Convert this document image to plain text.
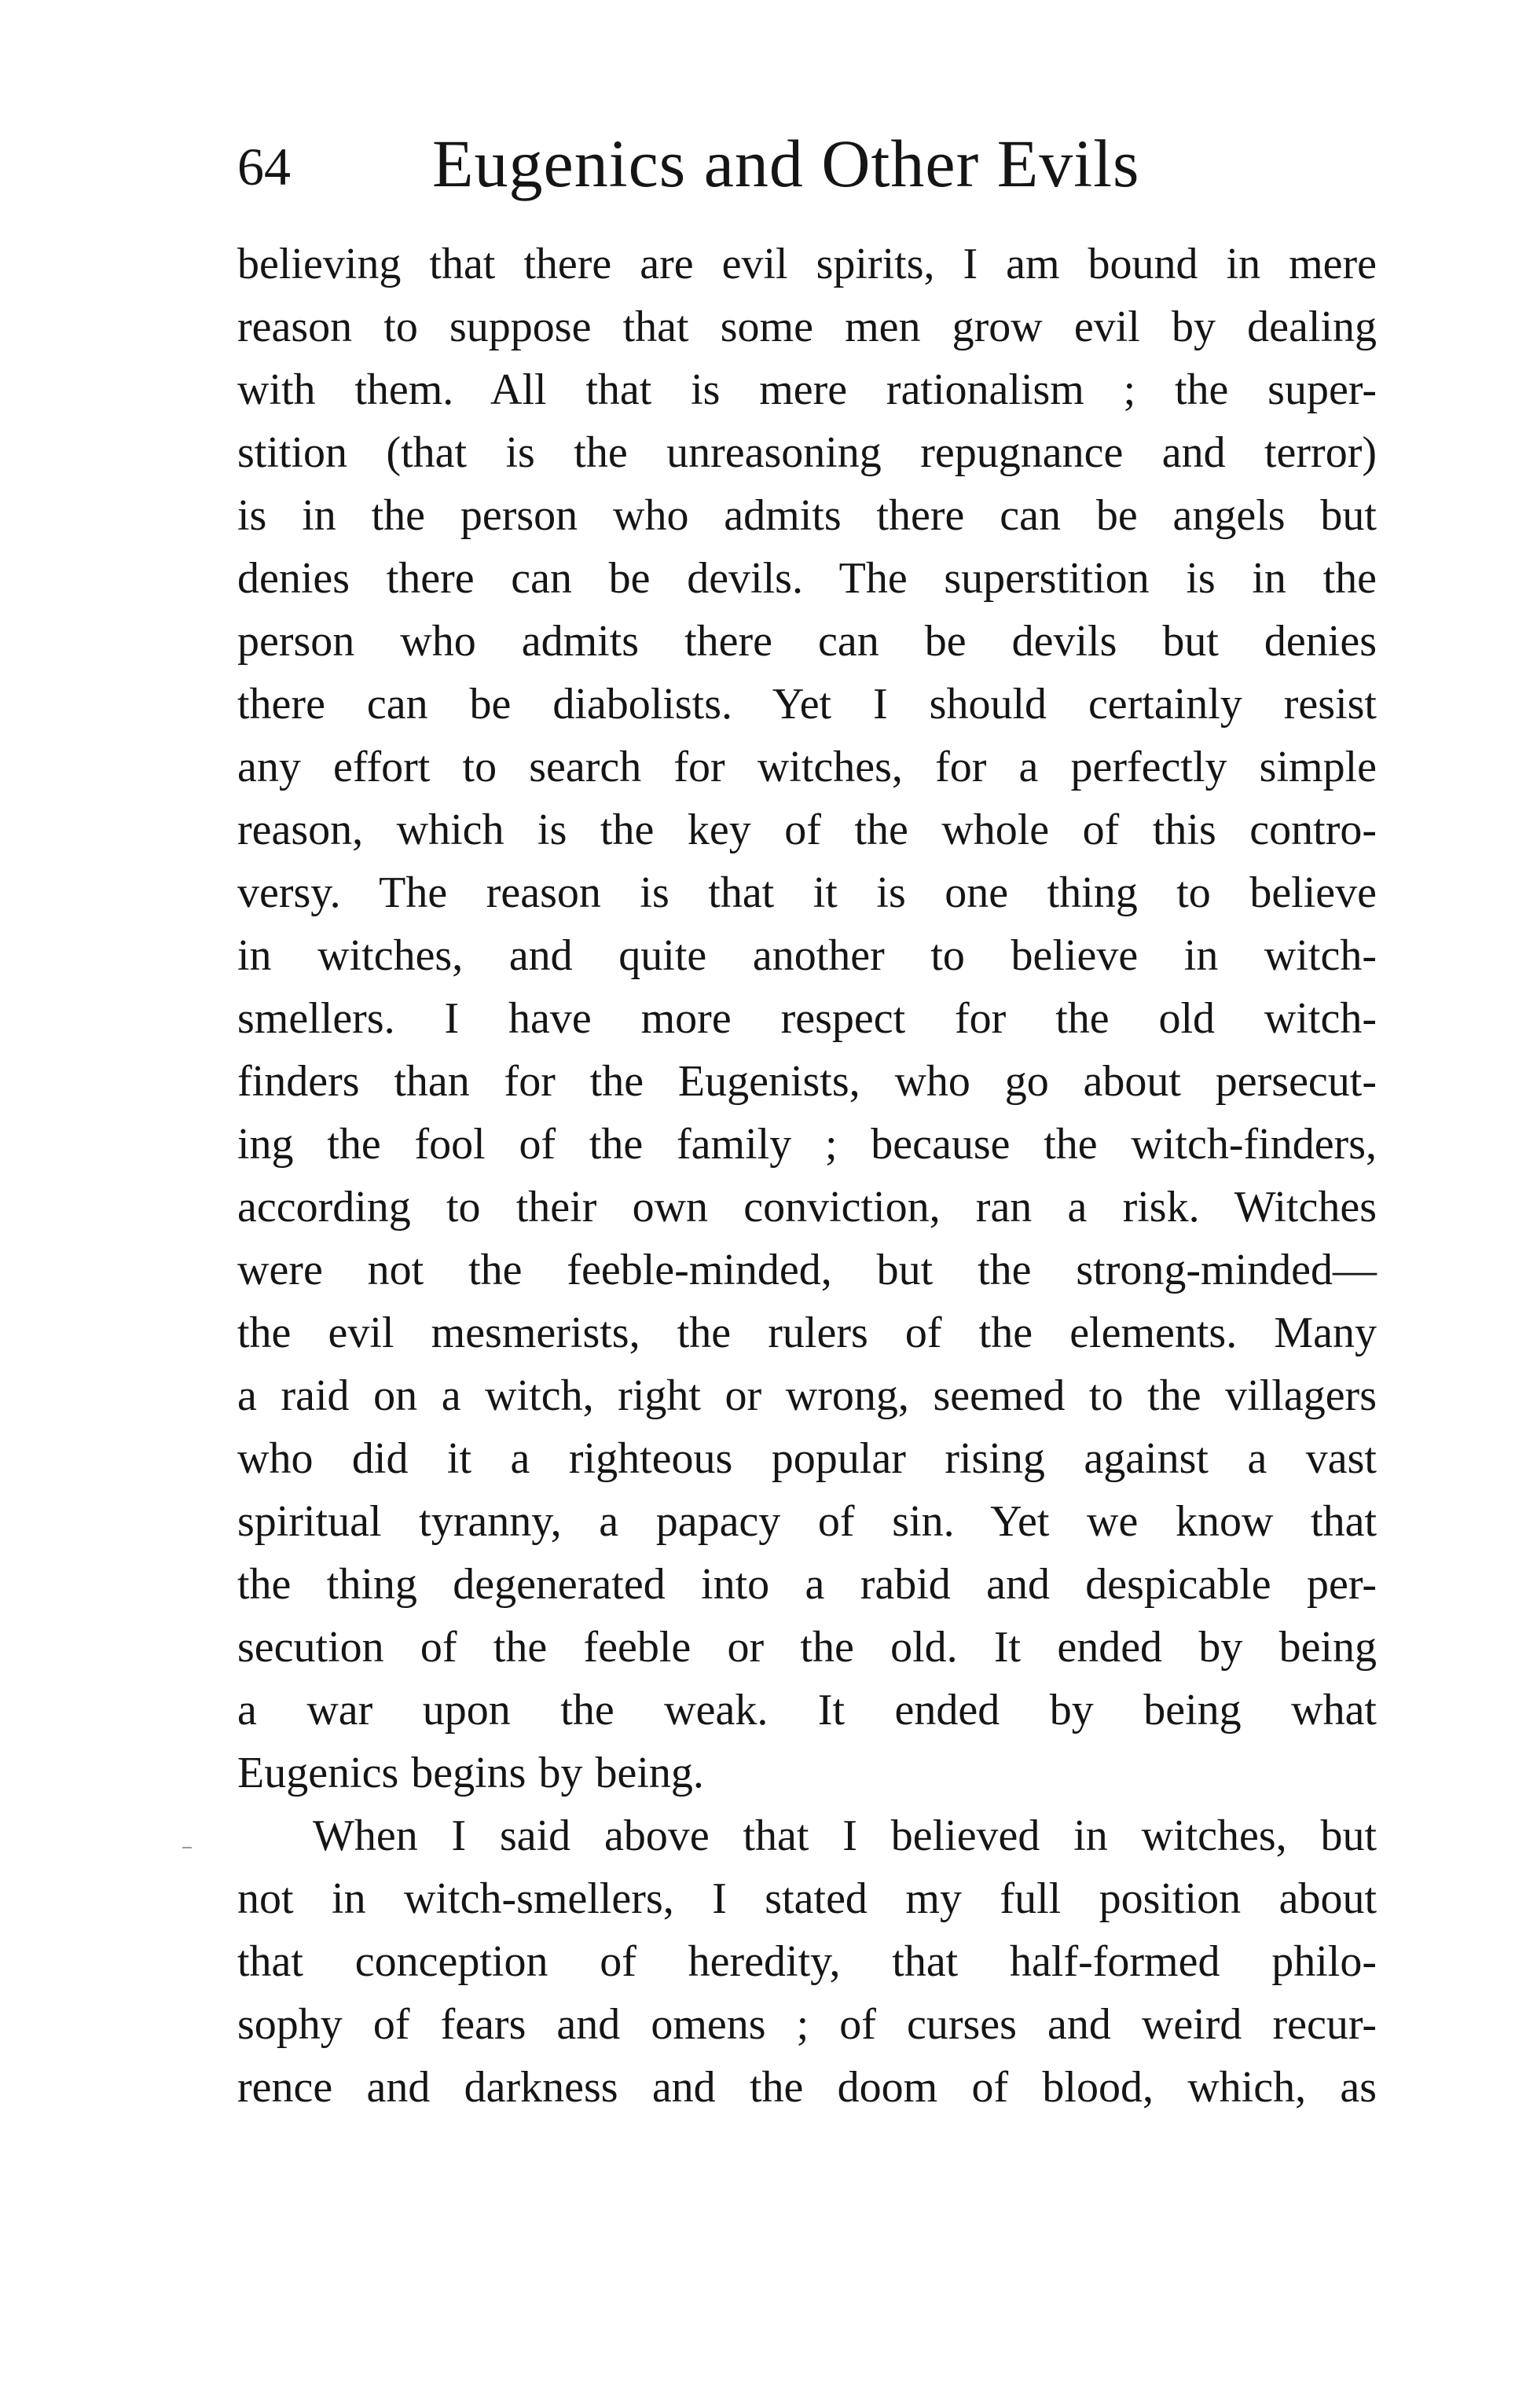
64 Eugenics and Other Evils
believing that there are evil spirits, I am bound in mere
reason to suppose that some men grow evil by dealing
with them. All that is mere rationalism ; the super-
stition (that is the unreasoning repugnance and terror)
is in the person who admits there can be angels but
denies there can be devils. The superstition is in the
person who admits there can be devils but denies
there can be diabolists. Yet I should certainly resist
any effort to search for witches, for a perfectly simple
reason, which is the key of the whole of this contro-
versy. The reason is that it is one thing to believe
in witches, and quite another to believe in witch-
smellers. I have more respect for the old witch-
finders than for the Eugenists, who go about persecut-
ing the fool of the family ; because the witch-finders,
according to their own conviction, ran a risk. Witches
were not the feeble-minded, but the strong-minded—
the evil mesmerists, the rulers of the elements. Many
a raid on a witch, right or wrong, seemed to the villagers
who did it a righteous popular rising against a vast
spiritual tyranny, a papacy of sin. Yet we know that
the thing degenerated into a rabid and despicable per-
secution of the feeble or the old. It ended by being
a war upon the weak. It ended by being what
Eugenics begins by being.
When I said above that I believed in witches, but
not in witch-smellers, I stated my full position about
that conception of heredity, that half-formed philo-
sophy of fears and omens ; of curses and weird recur-
rence and darkness and the doom of blood, which, as
